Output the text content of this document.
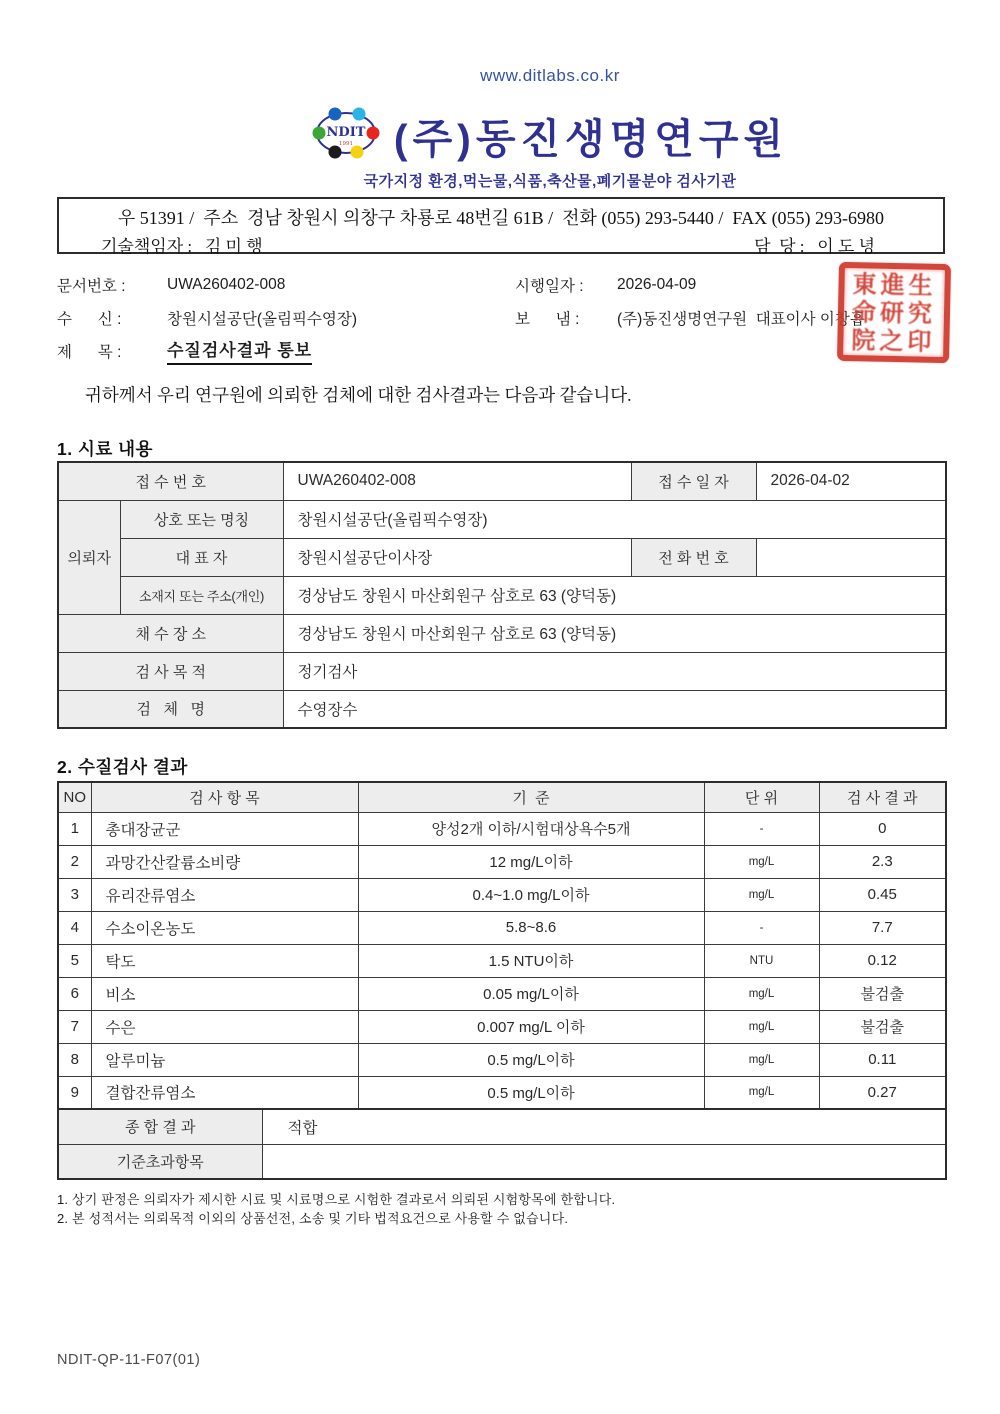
www.ditlabs.co.kr
NDIT
1991 (주)동진생명연구원
국가지정 환경,먹는물,식품,축산물,폐기물분야 검사기관
우 51391 /  주소  경남 창원시 의창구 차룡로 48번길 61B /  전화 (055) 293-5440 /  FAX (055) 293-6980
기술책임자 : 김 미 행	담  당 : 이 도 녕
문서번호 :	UWA260402-008	시행일자 :	2026-04-09
수      신 :	창원시설공단(올림픽수영장)	보      냄 :	(주)동진생명연구원  대표이사 이창흡
제      목 :	수질검사결과 통보
東進生命研究院之印
귀하께서 우리 연구원에 의뢰한 검체에 대한 검사결과는 다음과 같습니다.
1. 시료 내용
접 수 번 호		UWA260402-008	접 수 일 자	2026-04-02
의뢰자	상호 또는 명칭	창원시설공단(올림픽수영장)		
	대 표 자	창원시설공단이사장	전 화 번 호	
	소재지 또는 주소(개인)	경상남도 창원시 마산회원구 삼호로 63 (양덕동)		
채 수 장 소		경상남도 창원시 마산회원구 삼호로 63 (양덕동)		
검 사 목 적		정기검사		
검   체   명		수영장수		
2. 수질검사 결과
NO	검 사 항 목	기  준	단 위	검 사 결 과
1	총대장균군	양성2개 이하/시험대상욕수5개	-	0
2	과망간산칼륨소비량	12 mg/L이하	mg/L	2.3
3	유리잔류염소	0.4~1.0 mg/L이하	mg/L	0.45
4	수소이온농도	5.8~8.6	-	7.7
5	탁도	1.5 NTU이하	NTU	0.12
6	비소	0.05 mg/L이하	mg/L	불검출
7	수은	0.007 mg/L 이하	mg/L	불검출
8	알루미늄	0.5 mg/L이하	mg/L	0.11
9	결합잔류염소	0.5 mg/L이하	mg/L	0.27
종 합 결 과	적합
기준초과항목	
1. 상기 판정은 의뢰자가 제시한 시료 및 시료명으로 시험한 결과로서 의뢰된 시험항목에 한합니다.
2. 본 성적서는 의뢰목적 이외의 상품선전, 소송 및 기타 법적요건으로 사용할 수 없습니다.
NDIT-QP-11-F07(01)
